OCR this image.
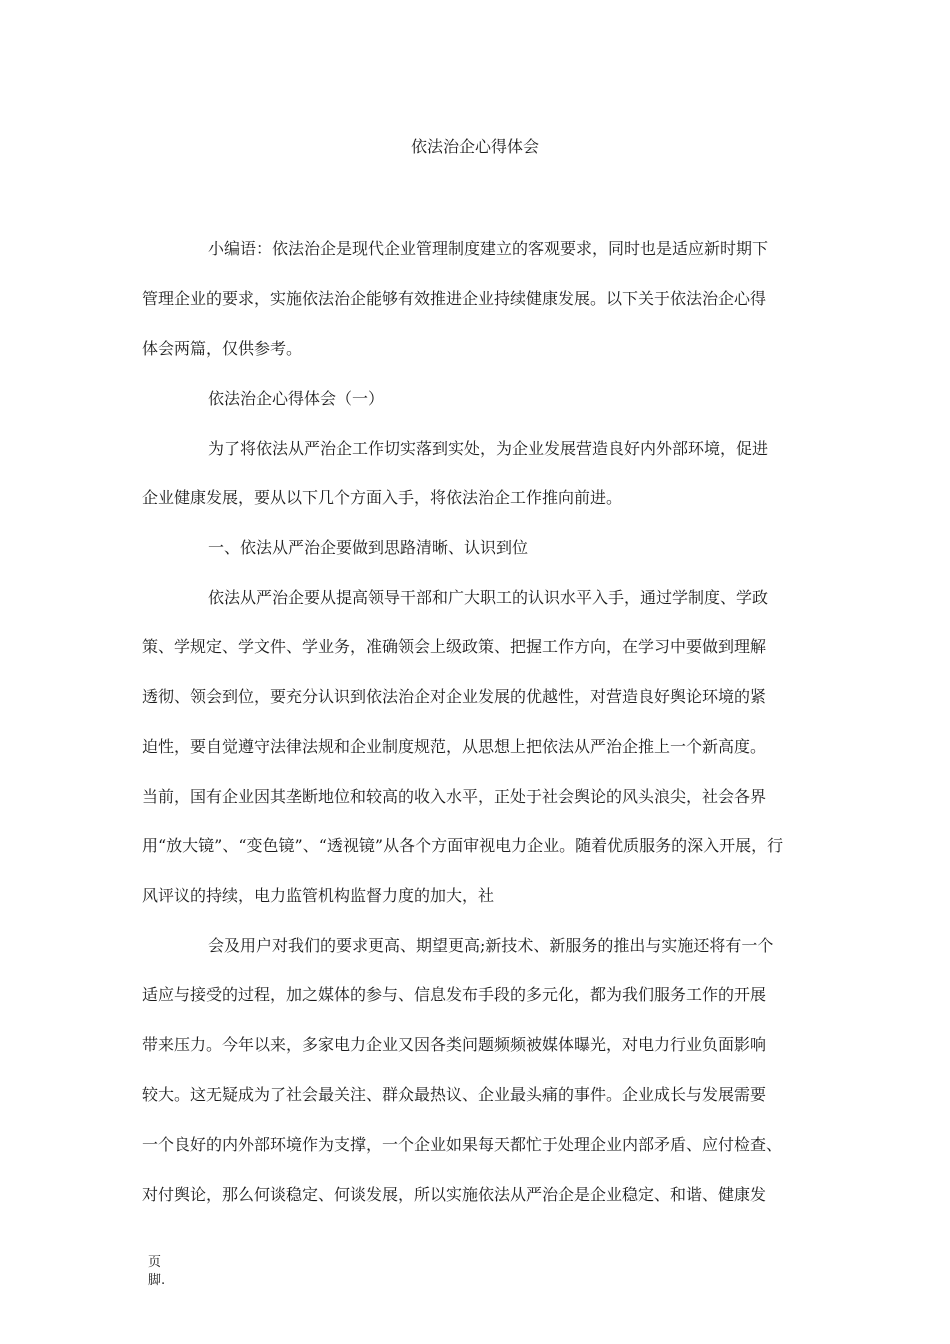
依法治企心得体会
小编语：依法治企是现代企业管理制度建立的客观要求，同时也是适应新时期下
管理企业的要求，实施依法治企能够有效推进企业持续健康发展。以下关于依法治企心得
体会两篇，仅供参考。
依法治企心得体会（一）
为了将依法从严治企工作切实落到实处，为企业发展营造良好内外部环境，促进
企业健康发展，要从以下几个方面入手，将依法治企工作推向前进。
一、依法从严治企要做到思路清晰、认识到位
依法从严治企要从提高领导干部和广大职工的认识水平入手，通过学制度、学政
策、学规定、学文件、学业务，准确领会上级政策、把握工作方向，在学习中要做到理解
透彻、领会到位，要充分认识到依法治企对企业发展的优越性，对营造良好舆论环境的紧
迫性，要自觉遵守法律法规和企业制度规范，从思想上把依法从严治企推上一个新高度。
当前，国有企业因其垄断地位和较高的收入水平，正处于社会舆论的风头浪尖，社会各界
用“放大镜”、“变色镜”、“透视镜”从各个方面审视电力企业。随着优质服务的深入开展，行
风评议的持续，电力监管机构监督力度的加大，社
会及用户对我们的要求更高、期望更高;新技术、新服务的推出与实施还将有一个
适应与接受的过程，加之媒体的参与、信息发布手段的多元化，都为我们服务工作的开展
带来压力。今年以来，多家电力企业又因各类问题频频被媒体曝光，对电力行业负面影响
较大。这无疑成为了社会最关注、群众最热议、企业最头痛的事件。企业成长与发展需要
一个良好的内外部环境作为支撑，一个企业如果每天都忙于处理企业内部矛盾、应付检查、
对付舆论，那么何谈稳定、何谈发展，所以实施依法从严治企是企业稳定、和谐、健康发
页
脚.
